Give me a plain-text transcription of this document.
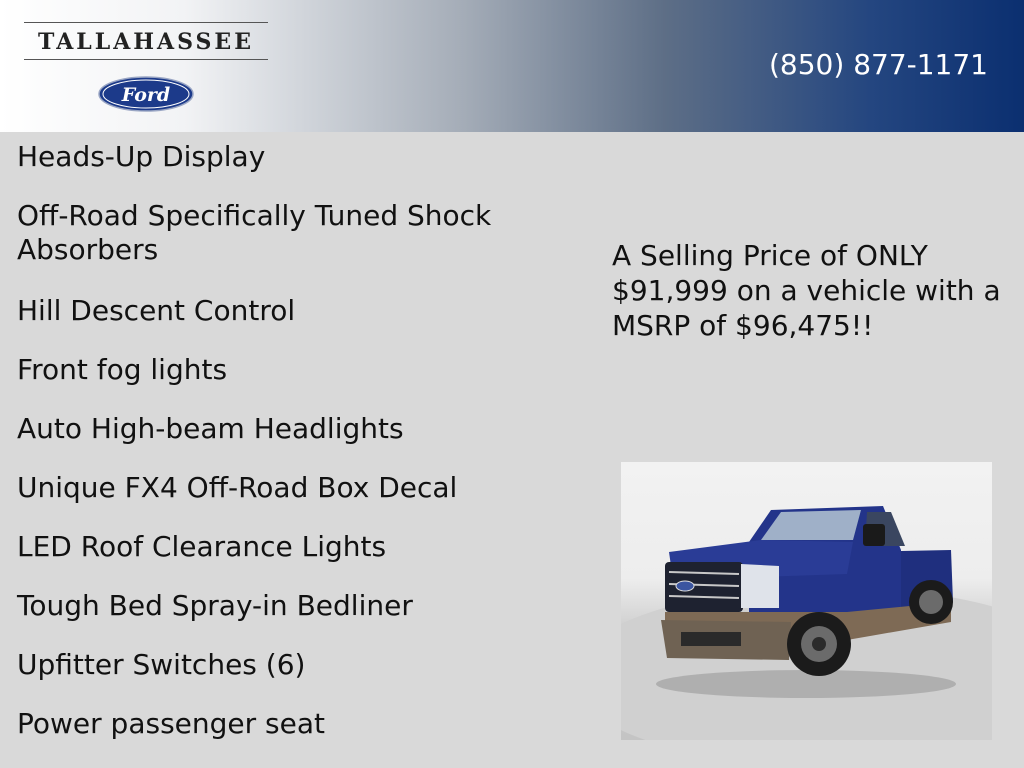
TALLAHASSEE
Ford
(850) 877-1171
Heads-Up Display
Off-Road Specifically Tuned Shock Absorbers
Hill Descent Control
Front fog lights
Auto High-beam Headlights
Unique FX4 Off-Road Box Decal
LED Roof Clearance Lights
Tough Bed Spray-in Bedliner
Upfitter Switches (6)
Power passenger seat
A Selling Price of ONLY $91,999 on a vehicle with a MSRP of $96,475!!
